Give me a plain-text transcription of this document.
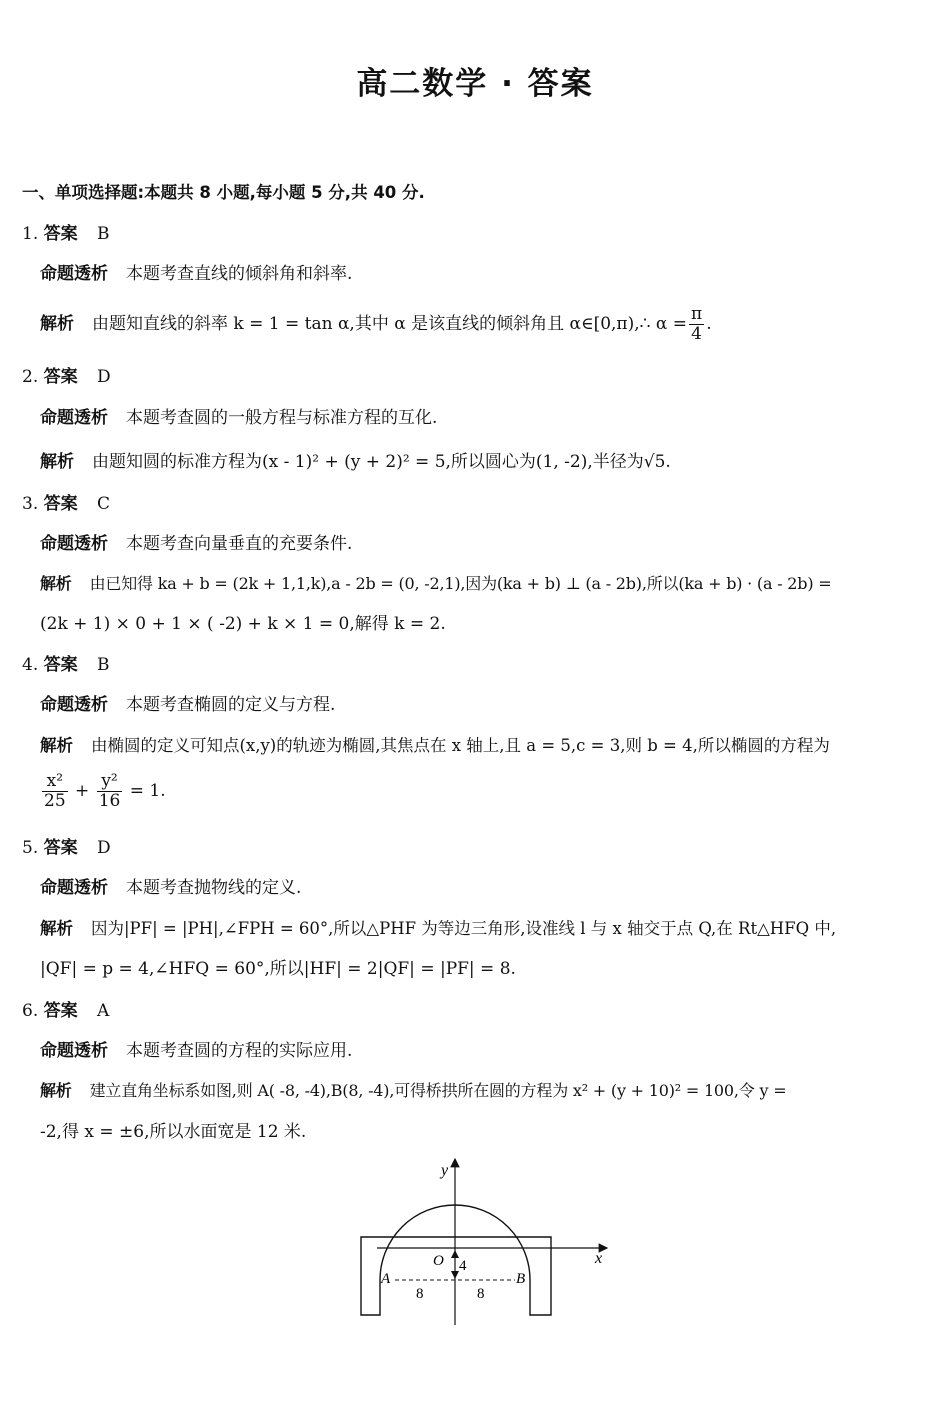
高二数学 · 答案
一、单项选择题:本题共 8 小题,每小题 5 分,共 40 分.
1. 答案 B
命题透析 本题考查直线的倾斜角和斜率.
解析 由题知直线的斜率 k = 1 = tan α,其中 α 是该直线的倾斜角且 α∈[0,π),∴ $\alpha = \frac{\pi}{4}$ .
2. 答案 D
命题透析 本题考查圆的一般方程与标准方程的互化.
解析 由题知圆的标准方程为(x - 1)² + (y + 2)² = 5,所以圆心为(1, -2),半径为√5.
3. 答案 C
命题透析 本题考查向量垂直的充要条件.
解析 由已知得 ka + b = (2k + 1,1,k),a - 2b = (0, -2,1),因为(ka + b) ⊥ (a - 2b),所以(ka + b) · (a - 2b) =
(2k + 1) × 0 + 1 × ( -2) + k × 1 = 0,解得 k = 2.
4. 答案 B
命题透析 本题考查椭圆的定义与方程.
解析 由椭圆的定义可知点(x,y)的轨迹为椭圆,其焦点在 x 轴上,且 a = 5,c = 3,则 b = 4,所以椭圆的方程为
$\frac{\text{x²}}{25} + \frac{\text{y²}}{16} = 1$.
5. 答案 D
命题透析 本题考查抛物线的定义.
解析 因为|PF| = |PH|,∠FPH = 60°,所以△PHF 为等边三角形,设准线 l 与 x 轴交于点 Q,在 Rt△HFQ 中,
|QF| = p = 4,∠HFQ = 60°,所以|HF| = 2|QF| = |PF| = 8.
6. 答案 A
命题透析 本题考查圆的方程的实际应用.
解析 建立直角坐标系如图,则 A( -8, -4),B(8, -4),可得桥拱所在圆的方程为 x² + (y + 10)² = 100,令 y =
-2,得 x = ±6,所以水面宽是 12 米.
y
x
O 4
A	B
8	8
